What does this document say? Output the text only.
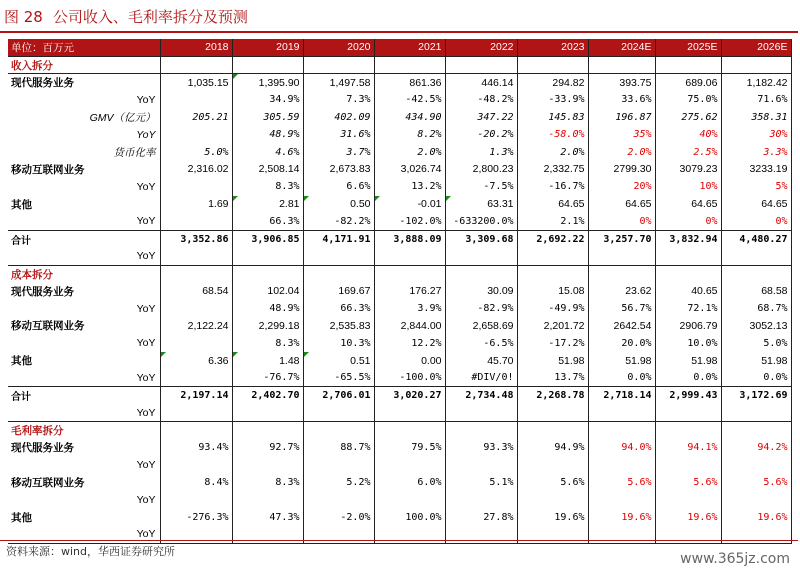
图 28 公司收入、毛利率拆分及预测
单位：百万元	2018	2019	2020	2021	2022	2023	2024E	2025E	2026E
收入拆分									
现代服务业务	1,035.15	1,395.90	1,497.58	861.36	446.14	294.82	393.75	689.06	1,182.42
YoY		34.9%	7.3%	-42.5%	-48.2%	-33.9%	33.6%	75.0%	71.6%
GMV（亿元）	205.21	305.59	402.09	434.90	347.22	145.83	196.87	275.62	358.31
YoY		48.9%	31.6%	8.2%	-20.2%	-58.0%	35%	40%	30%
货币化率	5.0%	4.6%	3.7%	2.0%	1.3%	2.0%	2.0%	2.5%	3.3%
移动互联网业务	2,316.02	2,508.14	2,673.83	3,026.74	2,800.23	2,332.75	2799.30	3079.23	3233.19
YoY		8.3%	6.6%	13.2%	-7.5%	-16.7%	20%	10%	5%
其他	1.69	2.81	0.50	-0.01	63.31	64.65	64.65	64.65	64.65
YoY		66.3%	-82.2%	-102.0%	-633200.0%	2.1%	0%	0%	0%
合计	3,352.86	3,906.85	4,171.91	3,888.09	3,309.68	2,692.22	3,257.70	3,832.94	4,480.27
YoY									
成本拆分									
现代服务业务	68.54	102.04	169.67	176.27	30.09	15.08	23.62	40.65	68.58
YoY		48.9%	66.3%	3.9%	-82.9%	-49.9%	56.7%	72.1%	68.7%
移动互联网业务	2,122.24	2,299.18	2,535.83	2,844.00	2,658.69	2,201.72	2642.54	2906.79	3052.13
YoY		8.3%	10.3%	12.2%	-6.5%	-17.2%	20.0%	10.0%	5.0%
其他	6.36	1.48	0.51	0.00	45.70	51.98	51.98	51.98	51.98
YoY		-76.7%	-65.5%	-100.0%	#DIV/0!	13.7%	0.0%	0.0%	0.0%
合计	2,197.14	2,402.70	2,706.01	3,020.27	2,734.48	2,268.78	2,718.14	2,999.43	3,172.69
YoY									
毛利率拆分									
现代服务业务	93.4%	92.7%	88.7%	79.5%	93.3%	94.9%	94.0%	94.1%	94.2%
YoY									
移动互联网业务	8.4%	8.3%	5.2%	6.0%	5.1%	5.6%	5.6%	5.6%	5.6%
YoY									
其他	-276.3%	47.3%	-2.0%	100.0%	27.8%	19.6%	19.6%	19.6%	19.6%
YoY									
资料来源：wind，华西证券研究所	www.365jz.com
